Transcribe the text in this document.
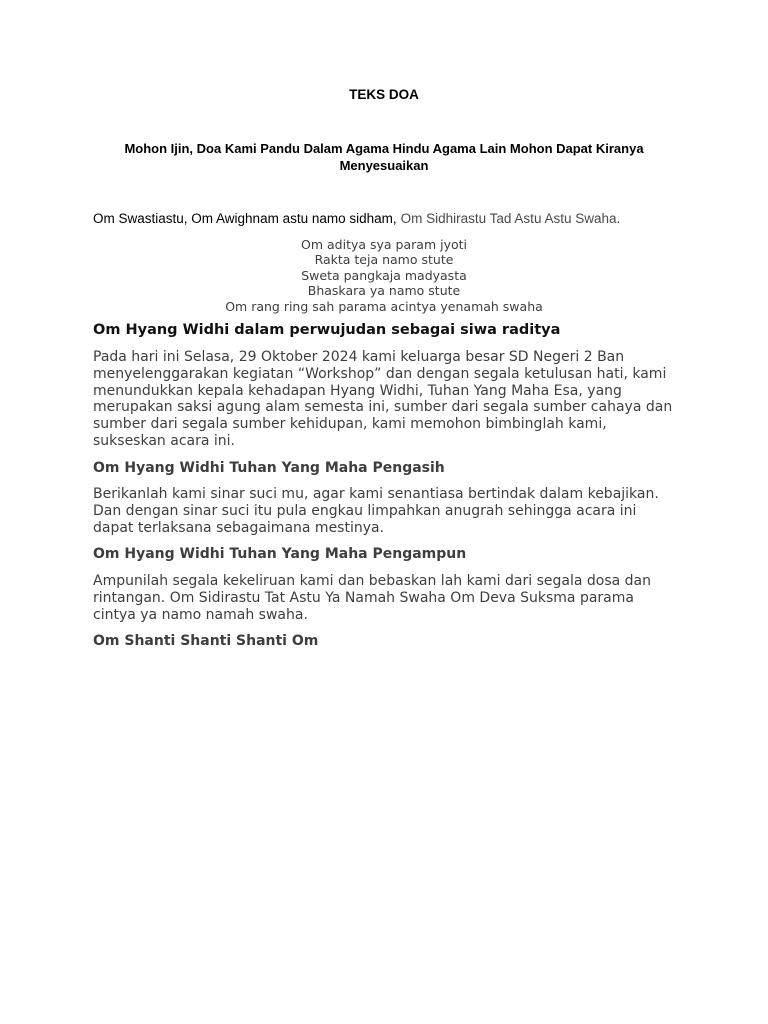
TEKS DOA

Mohon Ijin, Doa Kami Pandu Dalam Agama Hindu Agama Lain Mohon Dapat Kiranya Menyesuaikan

Om Swastiastu, Om Awighnam astu namo sidham, Om Sidhirastu Tad Astu Astu Swaha.

Om aditya sya param jyoti
Rakta teja namo stute
Sweta pangkaja madyasta
Bhaskara ya namo stute
Om rang ring sah parama acintya yenamah swaha
Om Hyang Widhi dalam perwujudan sebagai siwa raditya

Pada hari ini Selasa, 29 Oktober 2024 kami keluarga besar SD Negeri 2 Ban menyelenggarakan kegiatan “Workshop” dan dengan segala ketulusan hati, kami menundukkan kepala kehadapan Hyang Widhi, Tuhan Yang Maha Esa, yang merupakan saksi agung alam semesta ini, sumber dari segala sumber cahaya dan sumber dari segala sumber kehidupan, kami memohon bimbinglah kami, sukseskan acara ini.

Om Hyang Widhi Tuhan Yang Maha Pengasih

Berikanlah kami sinar suci mu, agar kami senantiasa bertindak dalam kebajikan. Dan dengan sinar suci itu pula engkau limpahkan anugrah sehingga acara ini dapat terlaksana sebagaimana mestinya.

Om Hyang Widhi Tuhan Yang Maha Pengampun

Ampunilah segala kekeliruan kami dan bebaskan lah kami dari segala dosa dan rintangan. Om Sidirastu Tat Astu Ya Namah Swaha Om Deva Suksma parama cintya ya namo namah swaha.

Om Shanti Shanti Shanti Om
